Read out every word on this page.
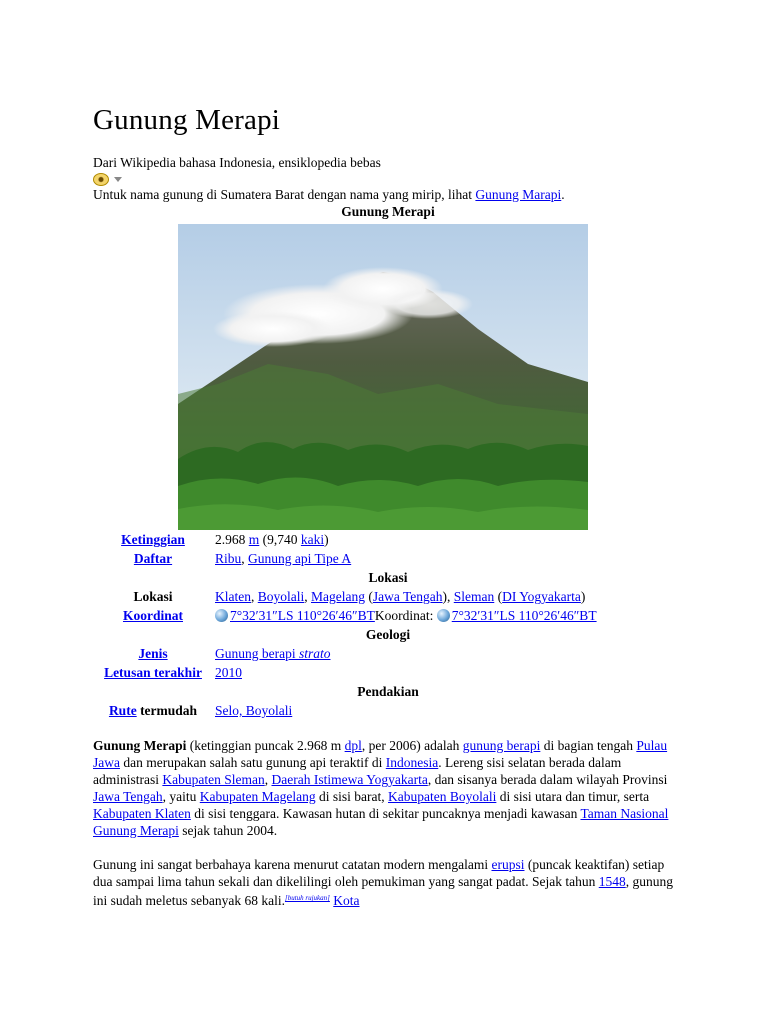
Gunung Merapi
Dari Wikipedia bahasa Indonesia, ensiklopedia bebas
Untuk nama gunung di Sumatera Barat dengan nama yang mirip, lihat Gunung Marapi.
Gunung Merapi
Ketinggian	2.968 m (9,740 kaki)
Daftar	Ribu, Gunung api Tipe A
Lokasi
Lokasi	Klaten, Boyolali, Magelang (Jawa Tengah), Sleman (DI Yogyakarta)
Koordinat	7°32′31″LS 110°26′46″BTKoordinat: 7°32′31″LS 110°26′46″BT
Geologi
Jenis	Gunung berapi strato
Letusan terakhir 2010
Pendakian
Rute termudah	Selo, Boyolali

Gunung Merapi (ketinggian puncak 2.968 m dpl, per 2006) adalah gunung berapi di bagian tengah Pulau Jawa dan merupakan salah satu gunung api teraktif di Indonesia. Lereng sisi selatan berada dalam administrasi Kabupaten Sleman, Daerah Istimewa Yogyakarta, dan sisanya berada dalam wilayah Provinsi Jawa Tengah, yaitu Kabupaten Magelang di sisi barat, Kabupaten Boyolali di sisi utara dan timur, serta Kabupaten Klaten di sisi tenggara. Kawasan hutan di sekitar puncaknya menjadi kawasan Taman Nasional Gunung Merapi sejak tahun 2004.

Gunung ini sangat berbahaya karena menurut catatan modern mengalami erupsi (puncak keaktifan) setiap dua sampai lima tahun sekali dan dikelilingi oleh pemukiman yang sangat padat. Sejak tahun 1548, gunung ini sudah meletus sebanyak 68 kali.[butuh rujukan] Kota
